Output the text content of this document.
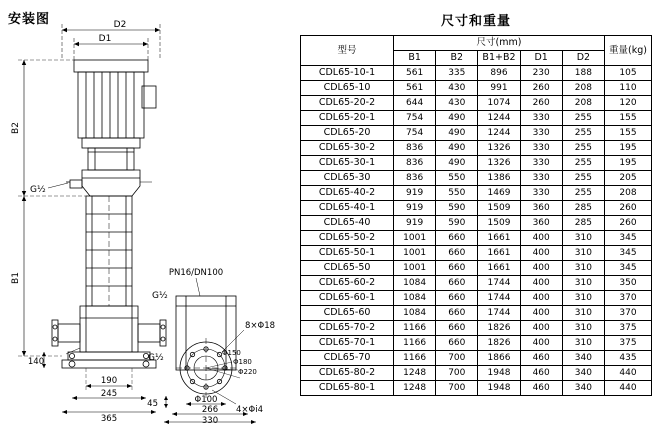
安装图	D2
D1
B2
B1
G½
G½
G½
PN16/DN100
8×Φ18
4×Φi4
190
245
365
140
45	Φ100
266
330
Φ180
Φ220
Φ150
尺寸和重量
型号	尺寸(mm)					重量(kg)
	B1	B2	B1+B2	D1	D2	
CDL65-10-1	561	335	896	230	188	105
CDL65-10	561	430	991	260	208	110
CDL65-20-2	644	430	1074	260	208	120
CDL65-20-1	754	490	1244	330	255	155
CDL65-20	754	490	1244	330	255	155
CDL65-30-2	836	490	1326	330	255	195
CDL65-30-1	836	490	1326	330	255	195
CDL65-30	836	550	1386	330	255	205
CDL65-40-2	919	550	1469	330	255	208
CDL65-40-1	919	590	1509	360	285	260
CDL65-40	919	590	1509	360	285	260
CDL65-50-2	1001	660	1661	400	310	345
CDL65-50-1	1001	660	1661	400	310	345
CDL65-50	1001	660	1661	400	310	345
CDL65-60-2	1084	660	1744	400	310	350
CDL65-60-1	1084	660	1744	400	310	370
CDL65-60	1084	660	1744	400	310	370
CDL65-70-2	1166	660	1826	400	310	375
CDL65-70-1	1166	660	1826	400	310	375
CDL65-70	1166	700	1866	460	340	435
CDL65-80-2	1248	700	1948	460	340	440
CDL65-80-1	1248	700	1948	460	340	440
